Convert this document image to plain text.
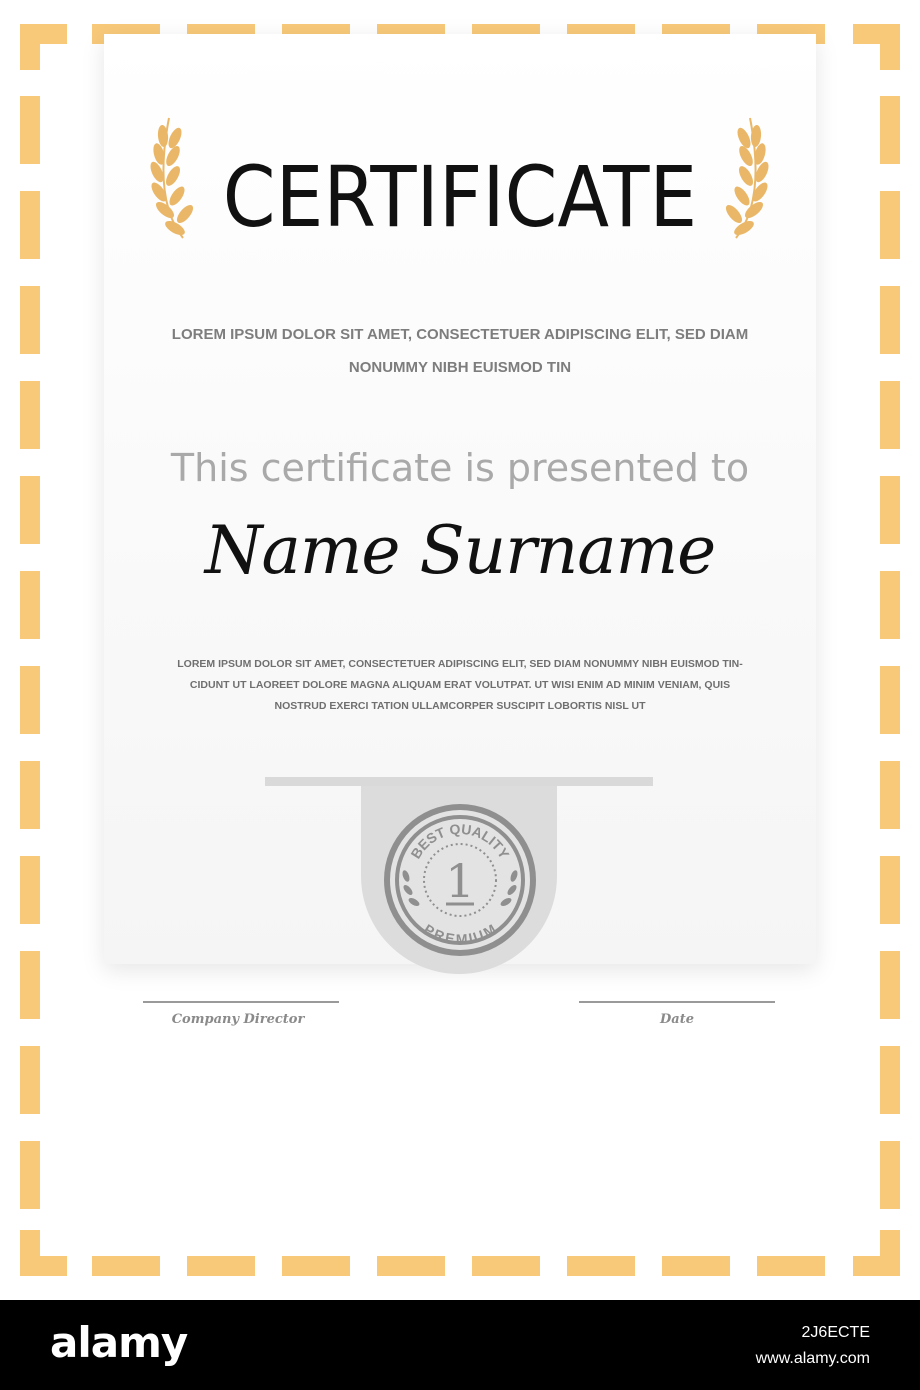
CERTIFICATE
LOREM IPSUM DOLOR SIT AMET, CONSECTETUER ADIPISCING ELIT, SED DIAM
NONUMMY NIBH EUISMOD TIN
This certificate is presented to
Name Surname
LOREM IPSUM DOLOR SIT AMET, CONSECTETUER ADIPISCING ELIT, SED DIAM NONUMMY NIBH EUISMOD TIN-
CIDUNT UT LAOREET DOLORE MAGNA ALIQUAM ERAT VOLUTPAT. UT WISI ENIM AD MINIM VENIAM, QUIS
NOSTRUD EXERCI TATION ULLAMCORPER SUSCIPIT LOBORTIS NISL UT
BEST QUALITY
PREMIUM
1
Company Director	Date
alamy	2J6ECTE
www.alamy.com
